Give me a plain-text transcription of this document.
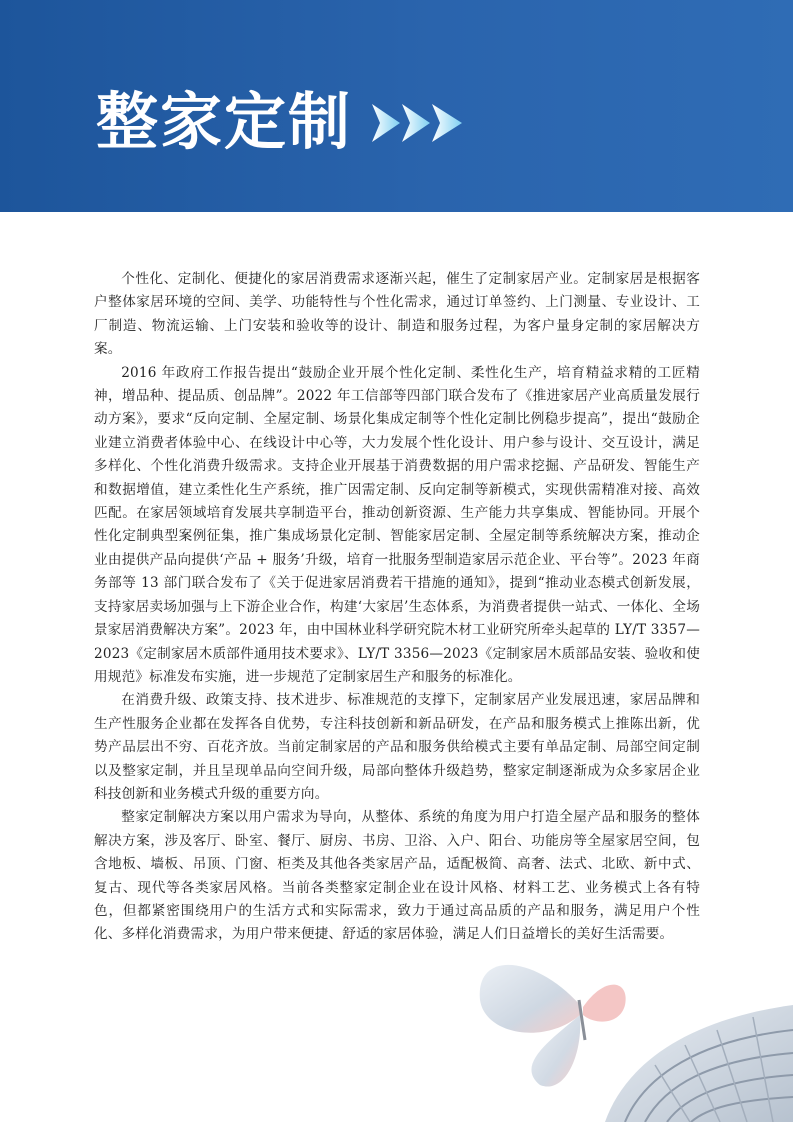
整家定制

个性化、定制化、便捷化的家居消费需求逐渐兴起，催生了定制家居产业。定制家居是根据客户整体家居环境的空间、美学、功能特性与个性化需求，通过订单签约、上门测量、专业设计、工厂制造、物流运输、上门安装和验收等的设计、制造和服务过程，为客户量身定制的家居解决方案。

2016 年政府工作报告提出“鼓励企业开展个性化定制、柔性化生产，培育精益求精的工匠精神，增品种、提品质、创品牌”。2022 年工信部等四部门联合发布了《推进家居产业高质量发展行动方案》，要求“反向定制、全屋定制、场景化集成定制等个性化定制比例稳步提高”，提出“鼓励企业建立消费者体验中心、在线设计中心等，大力发展个性化设计、用户参与设计、交互设计，满足多样化、个性化消费升级需求。支持企业开展基于消费数据的用户需求挖掘、产品研发、智能生产和数据增值，建立柔性化生产系统，推广因需定制、反向定制等新模式，实现供需精准对接、高效匹配。在家居领域培育发展共享制造平台，推动创新资源、生产能力共享集成、智能协同。开展个性化定制典型案例征集，推广集成场景化定制、智能家居定制、全屋定制等系统解决方案，推动企业由提供产品向提供‘产品 + 服务’升级，培育一批服务型制造家居示范企业、平台等”。2023 年商务部等 13 部门联合发布了《关于促进家居消费若干措施的通知》，提到“推动业态模式创新发展，支持家居卖场加强与上下游企业合作，构建‘大家居’生态体系，为消费者提供一站式、一体化、全场景家居消费解决方案”。2023 年，由中国林业科学研究院木材工业研究所牵头起草的 LY/T 3357—2023《定制家居木质部件通用技术要求》、LY/T 3356—2023《定制家居木质部品安装、验收和使用规范》标准发布实施，进一步规范了定制家居生产和服务的标准化。

在消费升级、政策支持、技术进步、标准规范的支撑下，定制家居产业发展迅速，家居品牌和生产性服务企业都在发挥各自优势，专注科技创新和新品研发，在产品和服务模式上推陈出新，优势产品层出不穷、百花齐放。当前定制家居的产品和服务供给模式主要有单品定制、局部空间定制以及整家定制，并且呈现单品向空间升级，局部向整体升级趋势，整家定制逐渐成为众多家居企业科技创新和业务模式升级的重要方向。

整家定制解决方案以用户需求为导向，从整体、系统的角度为用户打造全屋产品和服务的整体解决方案，涉及客厅、卧室、餐厅、厨房、书房、卫浴、入户、阳台、功能房等全屋家居空间，包含地板、墙板、吊顶、门窗、柜类及其他各类家居产品，适配极简、高奢、法式、北欧、新中式、复古、现代等各类家居风格。当前各类整家定制企业在设计风格、材料工艺、业务模式上各有特色，但都紧密围绕用户的生活方式和实际需求，致力于通过高品质的产品和服务，满足用户个性化、多样化消费需求，为用户带来便捷、舒适的家居体验，满足人们日益增长的美好生活需要。
